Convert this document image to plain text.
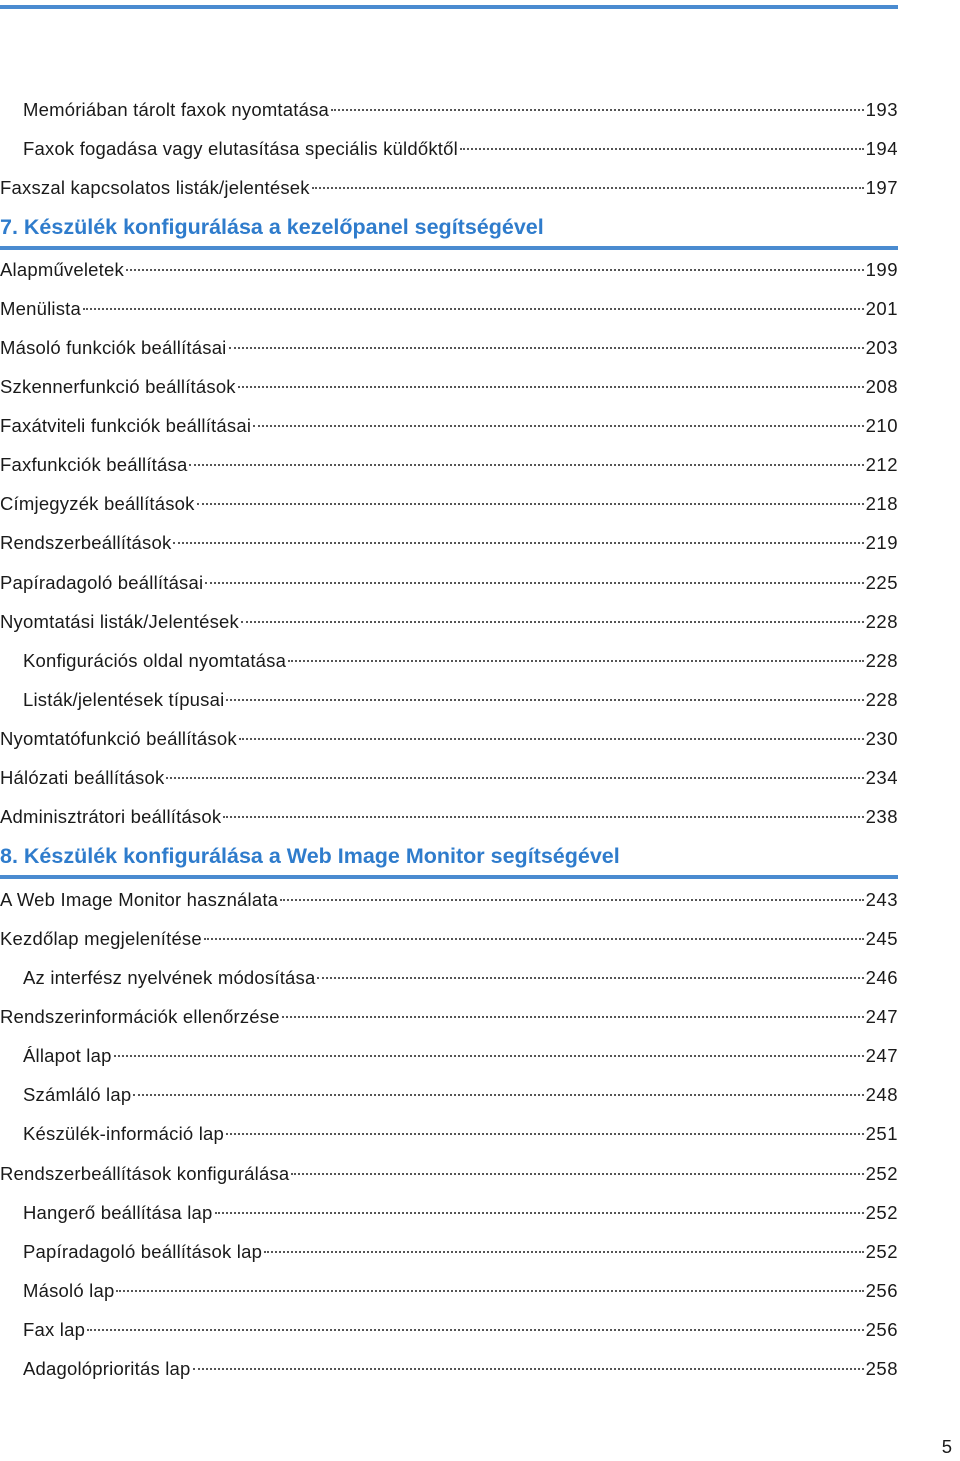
Memóriában tárolt faxok nyomtatása	193
Faxok fogadása vagy elutasítása speciális küldőktől	194
Faxszal kapcsolatos listák/jelentések	197
7. Készülék konfigurálása a kezelőpanel segítségével
Alapműveletek	199
Menülista	201
Másoló funkciók beállításai	203
Szkennerfunkció beállítások	208
Faxátviteli funkciók beállításai	210
Faxfunkciók beállítása	212
Címjegyzék beállítások	218
Rendszerbeállítások	219
Papíradagoló beállításai	225
Nyomtatási listák/Jelentések	228
Konfigurációs oldal nyomtatása	228
Listák/jelentések típusai	228
Nyomtatófunkció beállítások	230
Hálózati beállítások	234
Adminisztrátori beállítások	238
8. Készülék konfigurálása a Web Image Monitor segítségével
A Web Image Monitor használata	243
Kezdőlap megjelenítése	245
Az interfész nyelvének módosítása	246
Rendszerinformációk ellenőrzése	247
Állapot lap	247
Számláló lap	248
Készülék-információ lap	251
Rendszerbeállítások konfigurálása	252
Hangerő beállítása lap	252
Papíradagoló beállítások lap	252
Másoló lap	256
Fax lap	256
Adagolóprioritás lap	258
5
